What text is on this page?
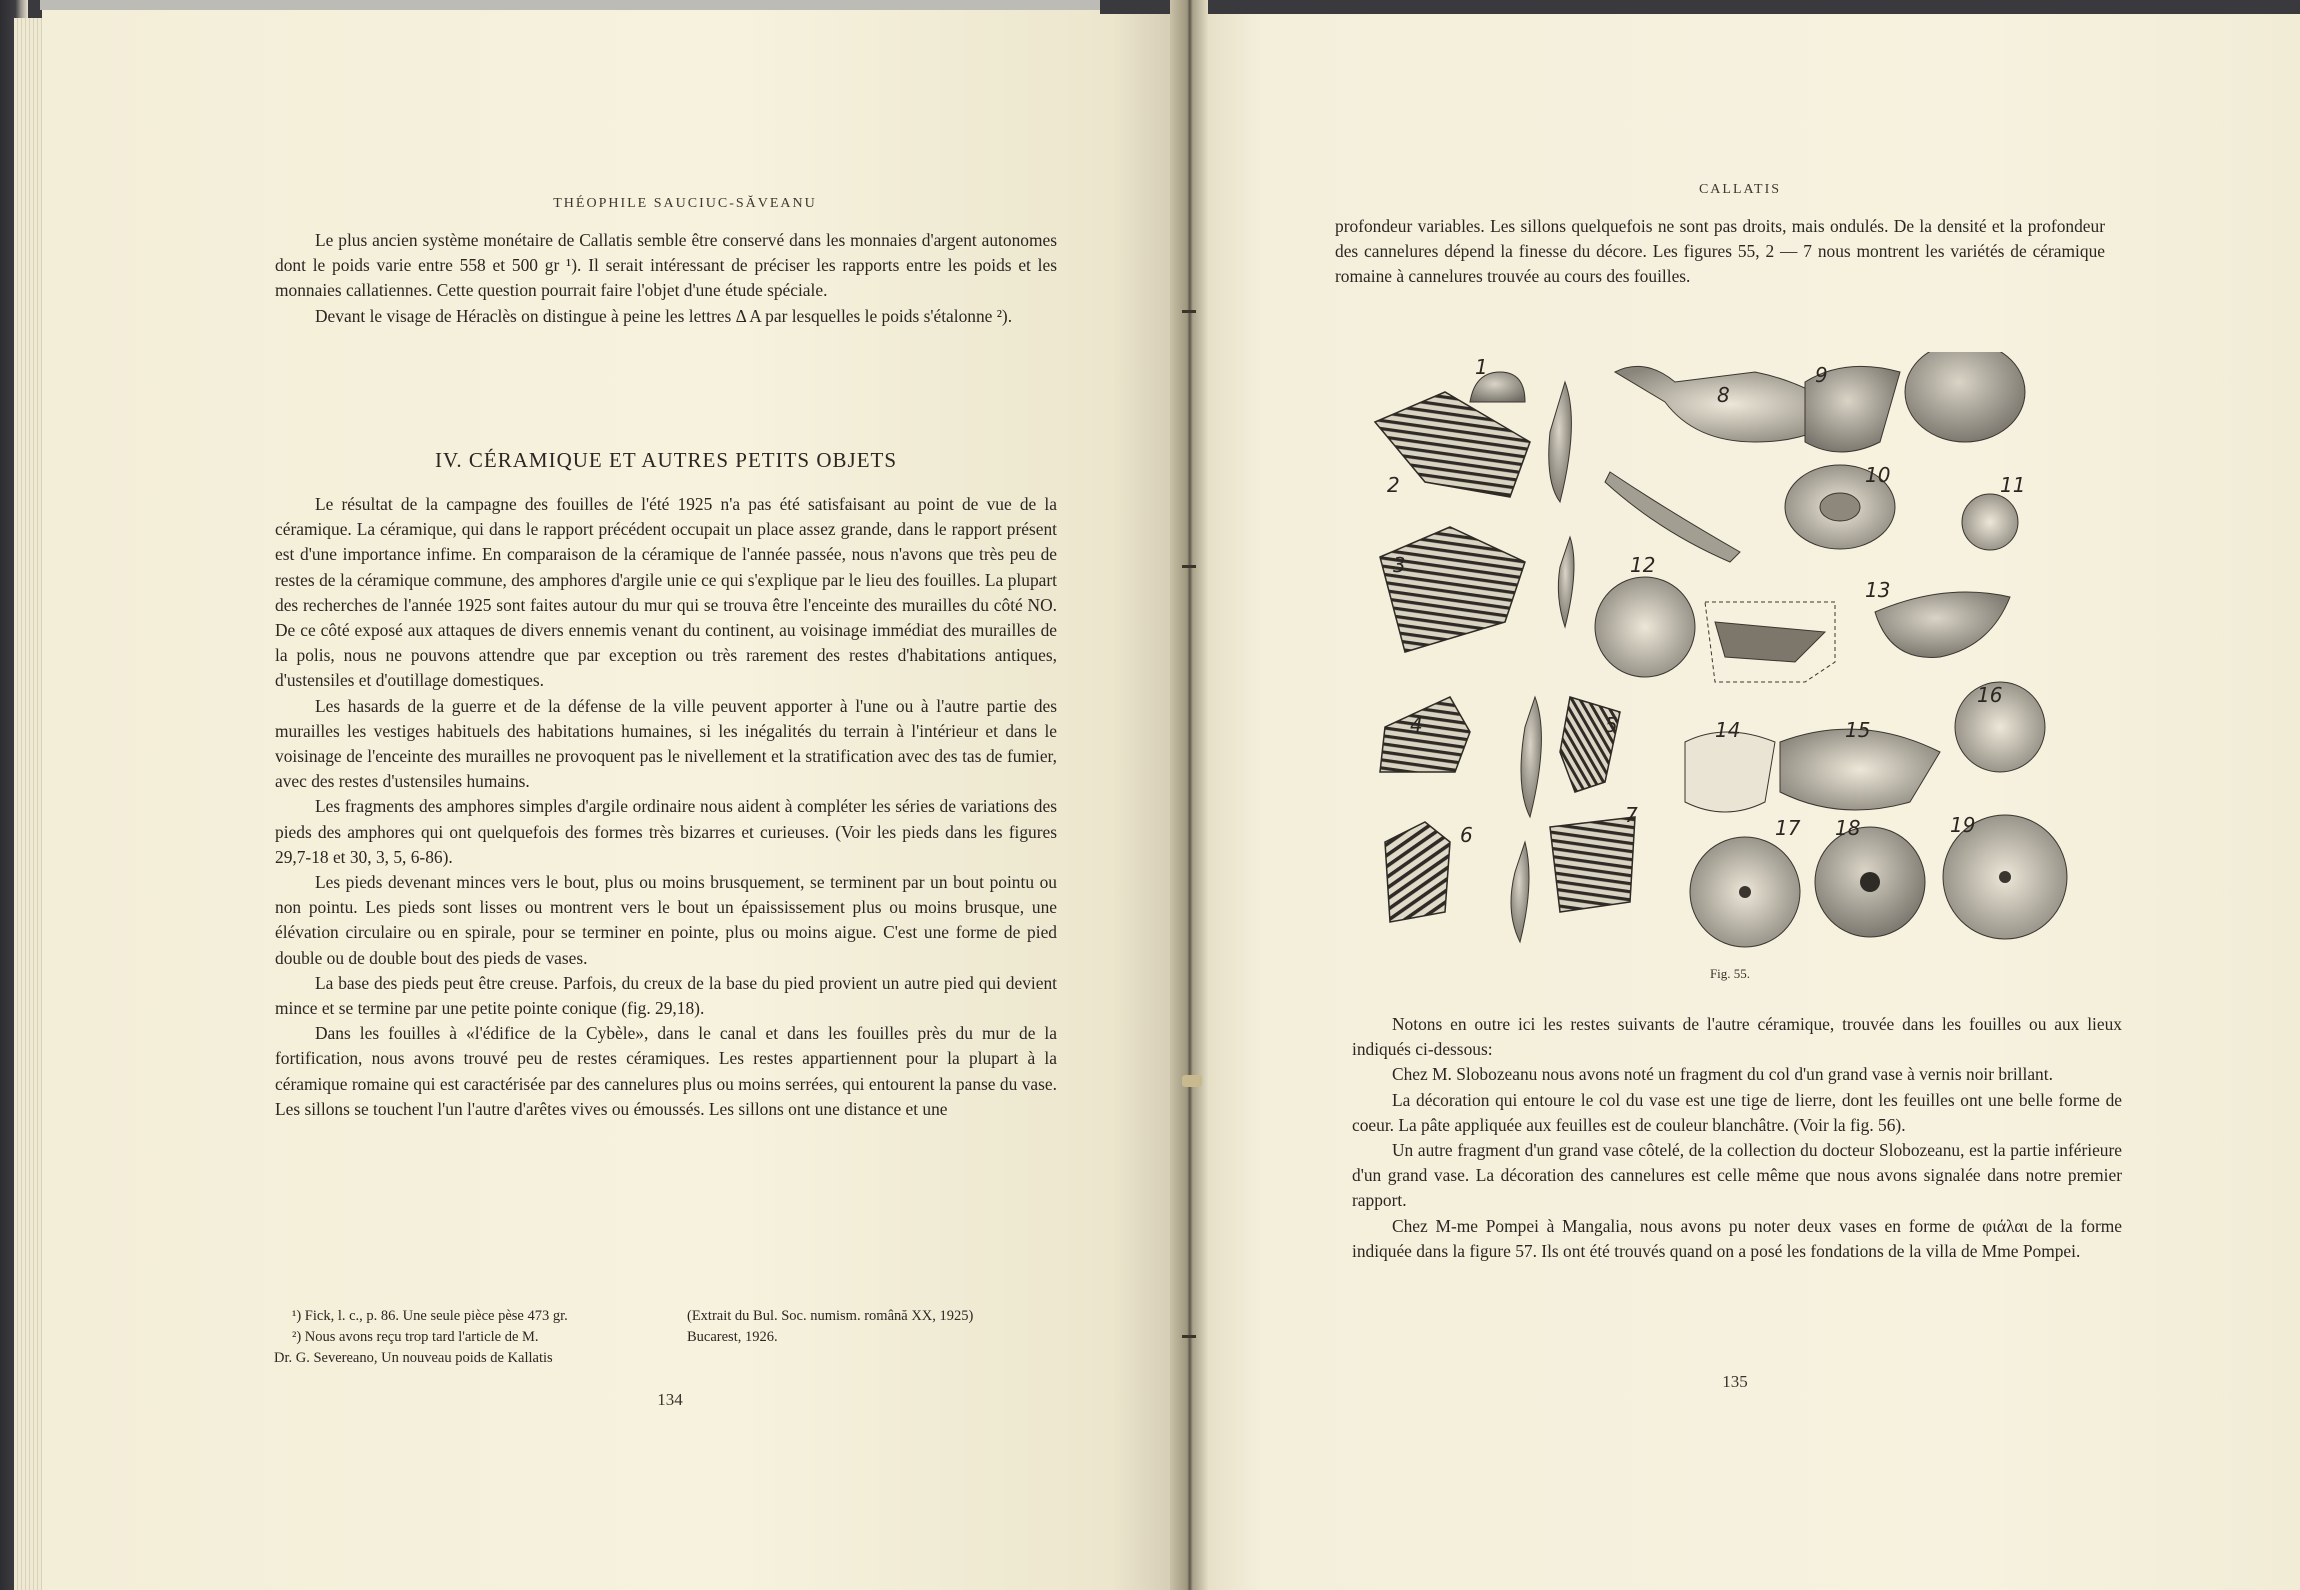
THÉOPHILE SAUCIUC-SĂVEANU

Le plus ancien système monétaire de Callatis semble être conservé dans les monnaies d'argent autonomes dont le poids varie entre 558 et 500 gr ¹). Il serait intéressant de préciser les rapports entre les poids et les monnaies callatiennes. Cette question pourrait faire l'objet d'une étude spéciale.

Devant le visage de Héraclès on distingue à peine les lettres Δ Α par lesquelles le poids s'étalonne ²).

IV. CÉRAMIQUE ET AUTRES PETITS OBJETS

Le résultat de la campagne des fouilles de l'été 1925 n'a pas été satisfaisant au point de vue de la céramique. La céramique, qui dans le rapport précédent occupait un place assez grande, dans le rapport présent est d'une importance infime. En comparaison de la céramique de l'année passée, nous n'avons que très peu de restes de la céramique commune, des amphores d'argile unie ce qui s'explique par le lieu des fouilles. La plupart des recherches de l'année 1925 sont faites autour du mur qui se trouva être l'enceinte des murailles du côté NO. De ce côté exposé aux attaques de divers ennemis venant du continent, au voisinage immédiat des murailles de la polis, nous ne pouvons attendre que par exception ou très rarement des restes d'habitations antiques, d'ustensiles et d'outillage domestiques.

Les hasards de la guerre et de la défense de la ville peuvent apporter à l'une ou à l'autre partie des murailles les vestiges habituels des habitations humaines, si les inégalités du terrain à l'intérieur et dans le voisinage de l'enceinte des murailles ne provoquent pas le nivellement et la stratification avec des tas de fumier, avec des restes d'ustensiles humains.

Les fragments des amphores simples d'argile ordinaire nous aident à compléter les séries de variations des pieds des amphores qui ont quelquefois des formes très bizarres et curieuses. (Voir les pieds dans les figures 29,7-18 et 30, 3, 5, 6-86).

Les pieds devenant minces vers le bout, plus ou moins brusquement, se terminent par un bout pointu ou non pointu. Les pieds sont lisses ou montrent vers le bout un épaississement plus ou moins brusque, une élévation circulaire ou en spirale, pour se terminer en pointe, plus ou moins aigue. C'est une forme de pied double ou de double bout des pieds de vases.

La base des pieds peut être creuse. Parfois, du creux de la base du pied provient un autre pied qui devient mince et se termine par une petite pointe conique (fig. 29,18).

Dans les fouilles à «l'édifice de la Cybèle», dans le canal et dans les fouilles près du mur de la fortification, nous avons trouvé peu de restes céramiques. Les restes appartiennent pour la plupart à la céramique romaine qui est caractérisée par des cannelures plus ou moins serrées, qui entourent la panse du vase. Les sillons se touchent l'un l'autre d'arêtes vives ou émoussés. Les sillons ont une distance et une

¹) Fick, l. c., p. 86. Une seule pièce pèse 473 gr.	(Extrait du Bul. Soc. numism. română XX, 1925)
²) Nous avons reçu trop tard l'article de M.	Bucarest, 1926.
Dr. G. Severeano, Un nouveau poids de Kallatis
134
CALLATIS

profondeur variables. Les sillons quelquefois ne sont pas droits, mais ondulés. De la densité et la profondeur des cannelures dépend la finesse du décore. Les figures 55, 2 — 7 nous montrent les variétés de céramique romaine à cannelures trouvée au cours des fouilles.

1
2
3
4	5
6
7
8
9
10	11
12
13
14	15
16
17 18	19
Fig. 55.

Notons en outre ici les restes suivants de l'autre céramique, trouvée dans les fouilles ou aux lieux indiqués ci-dessous:

Chez M. Slobozeanu nous avons noté un fragment du col d'un grand vase à vernis noir brillant.

La décoration qui entoure le col du vase est une tige de lierre, dont les feuilles ont une belle forme de coeur. La pâte appliquée aux feuilles est de couleur blanchâtre. (Voir la fig. 56).

Un autre fragment d'un grand vase côtelé, de la collection du docteur Slobozeanu, est la partie inférieure d'un grand vase. La décoration des cannelures est celle même que nous avons signalée dans notre premier rapport.

Chez M-me Pompei à Mangalia, nous avons pu noter deux vases en forme de φιάλαι de la forme indiquée dans la figure 57. Ils ont été trouvés quand on a posé les fondations de la villa de Mme Pompei.

135
